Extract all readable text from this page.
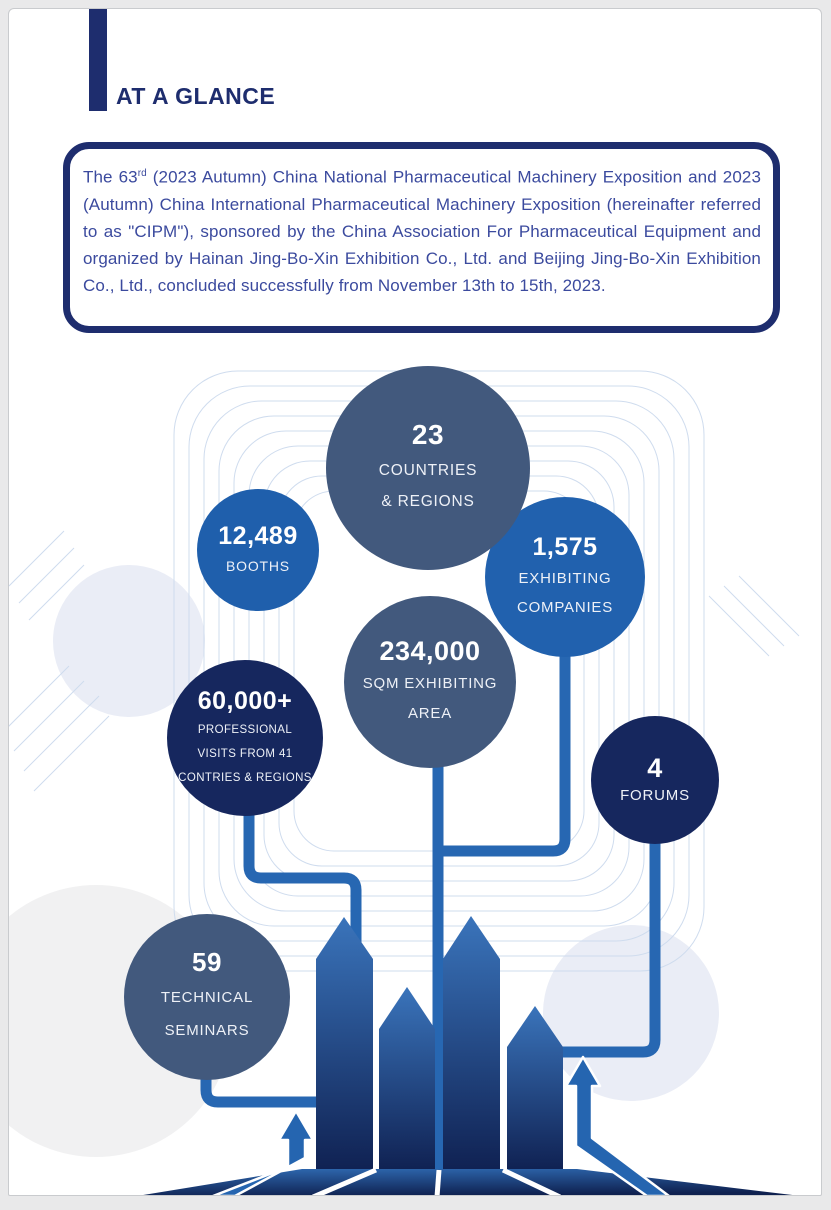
AT A GLANCE

The 63rd (2023 Autumn) China National Pharmaceutical Machinery Exposition and 2023 (Autumn) China International Pharmaceutical Machinery Exposition (hereinafter referred to as "CIPM"), sponsored by the China Association For Pharmaceutical Equipment and organized by Hainan Jing-Bo-Xin Exhibition Co., Ltd. and Beijing Jing-Bo-Xin Exhibition Co., Ltd., concluded successfully from November 13th to 15th, 2023.

12,489
BOOTHS
1,575
EXHIBITING
COMPANIES
23
COUNTRIES
& REGIONS
234,000
SQM EXHIBITING
AREA
60,000+
PROFESSIONAL
VISITS FROM 41
CONTRIES & REGIONS	4
FORUMS
59
TECHNICAL
SEMINARS
